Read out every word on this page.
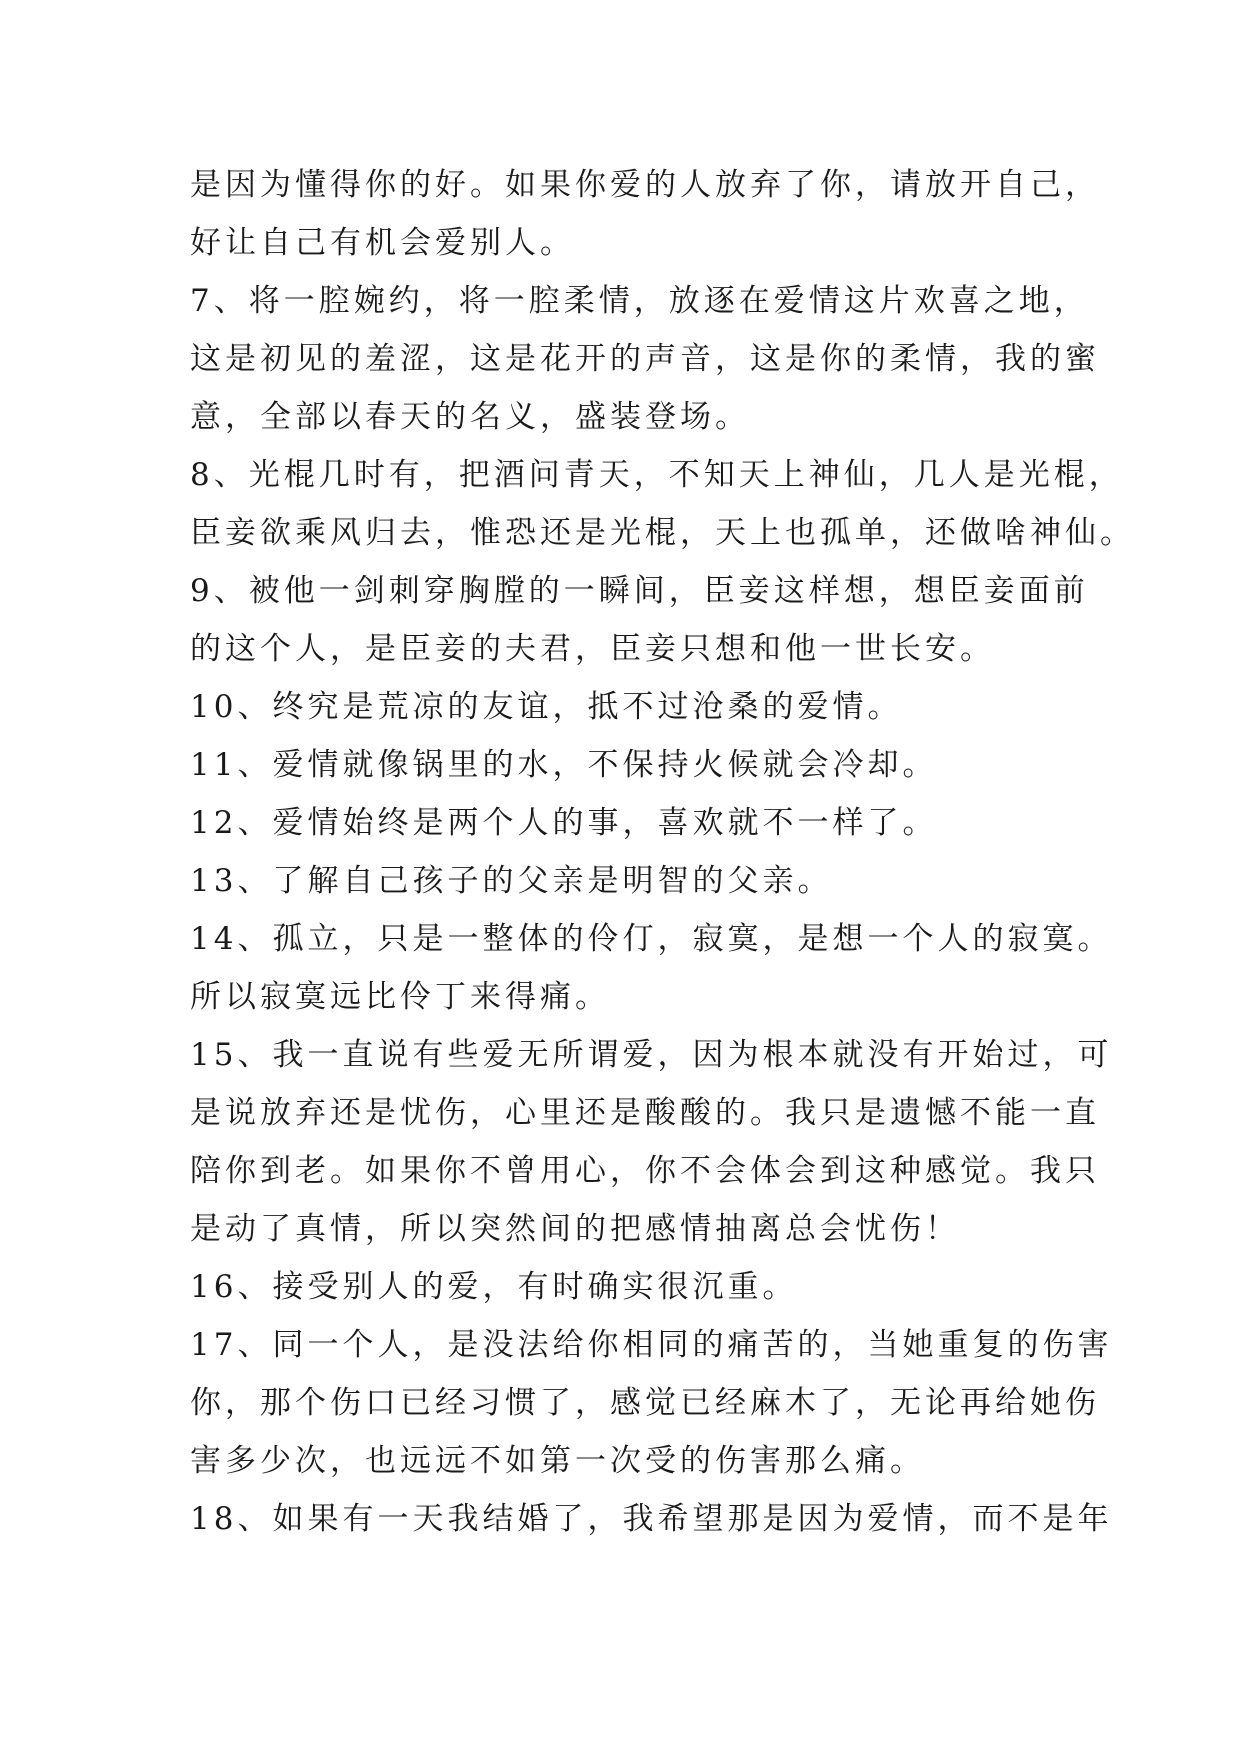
是因为懂得你的好。如果你爱的人放弃了你，请放开自己，
好让自己有机会爱别人。
7、将一腔婉约，将一腔柔情，放逐在爱情这片欢喜之地，
这是初见的羞涩，这是花开的声音，这是你的柔情，我的蜜
意，全部以春天的名义，盛装登场。
8、光棍几时有，把酒问青天，不知天上神仙，几人是光棍，
臣妾欲乘风归去，惟恐还是光棍，天上也孤单，还做啥神仙。
9、被他一剑刺穿胸膛的一瞬间，臣妾这样想，想臣妾面前
的这个人，是臣妾的夫君，臣妾只想和他一世长安。
10、终究是荒凉的友谊，抵不过沧桑的爱情。
11、爱情就像锅里的水，不保持火候就会冷却。
12、爱情始终是两个人的事，喜欢就不一样了。
13、了解自己孩子的父亲是明智的父亲。
14、孤立，只是一整体的伶仃，寂寞，是想一个人的寂寞。
所以寂寞远比伶丁来得痛。
15、我一直说有些爱无所谓爱，因为根本就没有开始过，可
是说放弃还是忧伤，心里还是酸酸的。我只是遗憾不能一直
陪你到老。如果你不曾用心，你不会体会到这种感觉。我只
是动了真情，所以突然间的把感情抽离总会忧伤！
16、接受别人的爱，有时确实很沉重。
17、同一个人，是没法给你相同的痛苦的，当她重复的伤害
你，那个伤口已经习惯了，感觉已经麻木了，无论再给她伤
害多少次，也远远不如第一次受的伤害那么痛。
18、如果有一天我结婚了，我希望那是因为爱情，而不是年
